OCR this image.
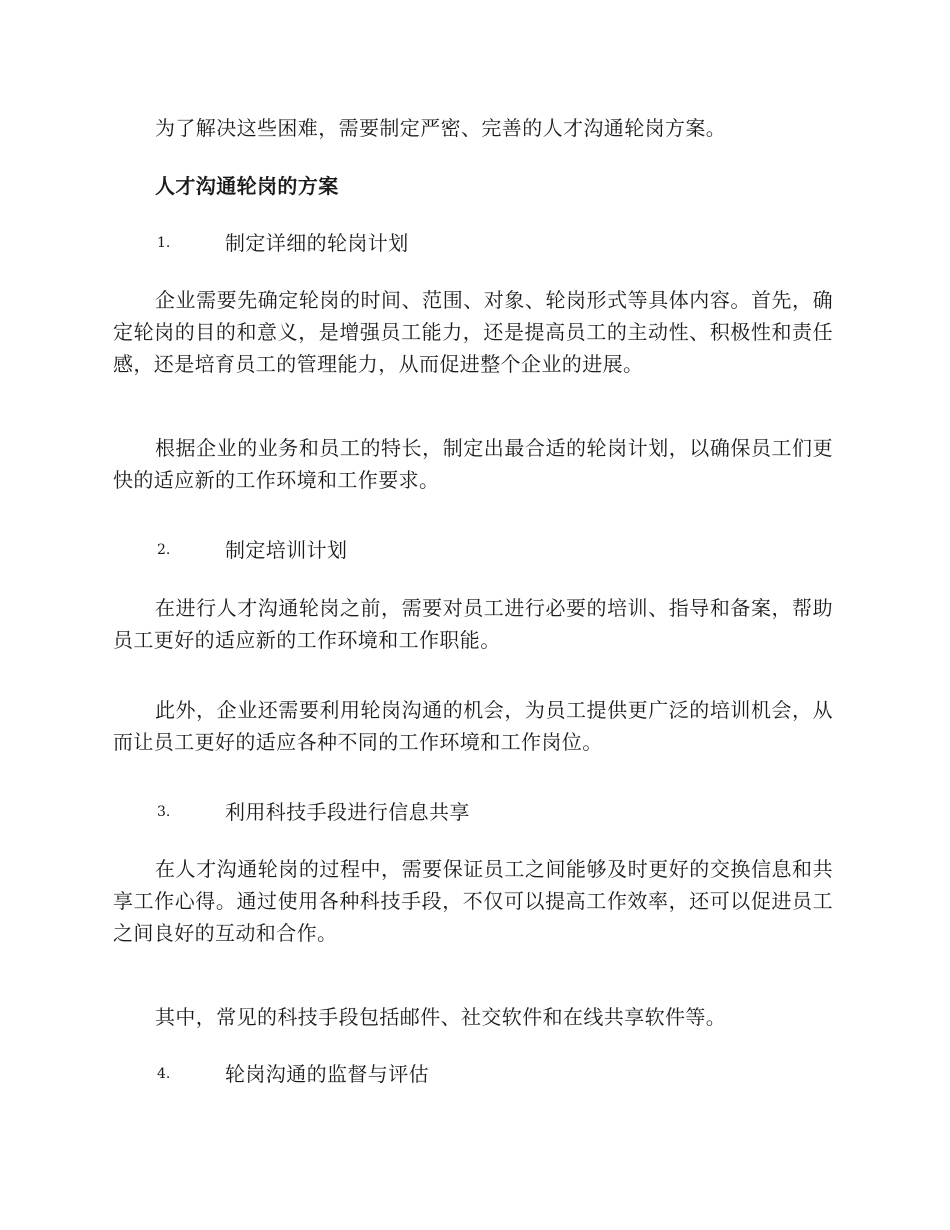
为了解决这些困难，需要制定严密、完善的人才沟通轮岗方案。

人才沟通轮岗的方案

1.	制定详细的轮岗计划

企业需要先确定轮岗的时间、范围、对象、轮岗形式等具体内容。首先，确定轮岗的目的和意义，是增强员工能力，还是提高员工的主动性、积极性和责任感，还是培育员工的管理能力，从而促进整个企业的进展。

根据企业的业务和员工的特长，制定出最合适的轮岗计划，以确保员工们更快的适应新的工作环境和工作要求。

2.	制定培训计划

在进行人才沟通轮岗之前，需要对员工进行必要的培训、指导和备案，帮助员工更好的适应新的工作环境和工作职能。

此外，企业还需要利用轮岗沟通的机会，为员工提供更广泛的培训机会，从而让员工更好的适应各种不同的工作环境和工作岗位。

3.	利用科技手段进行信息共享

在人才沟通轮岗的过程中，需要保证员工之间能够及时更好的交换信息和共享工作心得。通过使用各种科技手段，不仅可以提高工作效率，还可以促进员工之间良好的互动和合作。

其中，常见的科技手段包括邮件、社交软件和在线共享软件等。

4.	轮岗沟通的监督与评估
